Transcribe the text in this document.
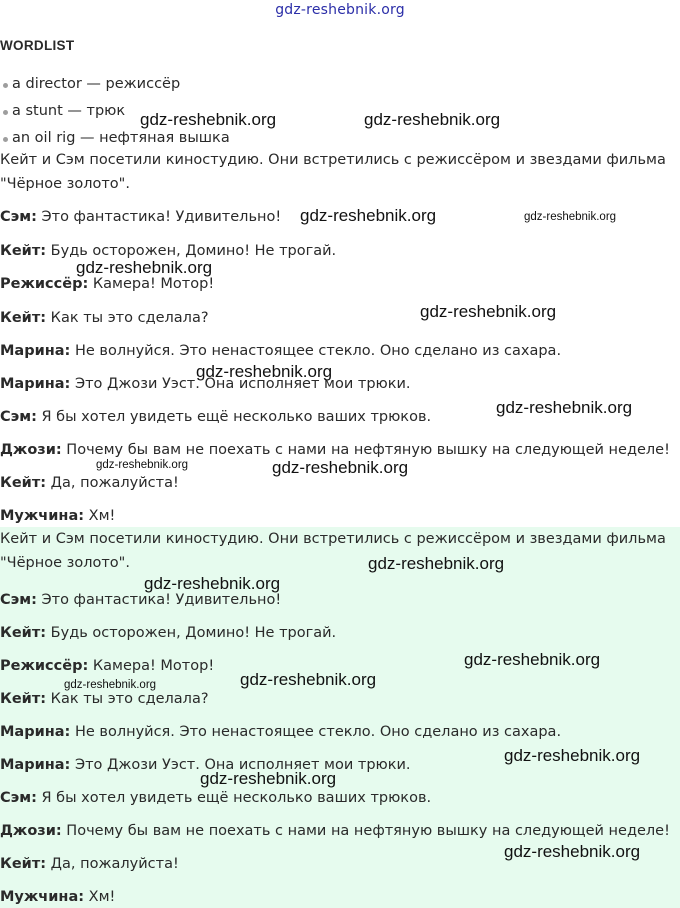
gdz-reshebnik.org
WORDLIST
a director — режиссёр
a stunt — трюк
an oil rig — нефтяная вышка

Кейт и Сэм посетили киностудию. Они встретились с режиссёром и звездами фильма "Чёрное золото".

Сэм: Это фантастика! Удивительно!
Кейт: Будь осторожен, Домино! Не трогай.
Режиссёр: Камера! Мотор!
Кейт: Как ты это сделала?
Марина: Не волнуйся. Это ненастоящее стекло. Оно сделано из сахара.
Марина: Это Джози Уэст. Она исполняет мои трюки.
Сэм: Я бы хотел увидеть ещё несколько ваших трюков.
Джози: Почему бы вам не поехать с нами на нефтяную вышку на следующей неделе!
Кейт: Да, пожалуйста!
Мужчина: Хм!

Кейт и Сэм посетили киностудию. Они встретились с режиссёром и звездами фильма "Чёрное золото".

Сэм: Это фантастика! Удивительно!
Кейт: Будь осторожен, Домино! Не трогай.
Режиссёр: Камера! Мотор!
Кейт: Как ты это сделала?
Марина: Не волнуйся. Это ненастоящее стекло. Оно сделано из сахара.
Марина: Это Джози Уэст. Она исполняет мои трюки.
Сэм: Я бы хотел увидеть ещё несколько ваших трюков.
Джози: Почему бы вам не поехать с нами на нефтяную вышку на следующей неделе!
Кейт: Да, пожалуйста!
Мужчина: Хм!
gdz-reshebnik.org	gdz-reshebnik.org
gdz-reshebnik.org	gdz-reshebnik.org
gdz-reshebnik.org
gdz-reshebnik.org
gdz-reshebnik.org
gdz-reshebnik.org
gdz-reshebnik.org	gdz-reshebnik.org
gdz-reshebnik.org
gdz-reshebnik.org
gdz-reshebnik.org
gdz-reshebnik.org
gdz-reshebnik.org
gdz-reshebnik.org
gdz-reshebnik.org
gdz-reshebnik.org
